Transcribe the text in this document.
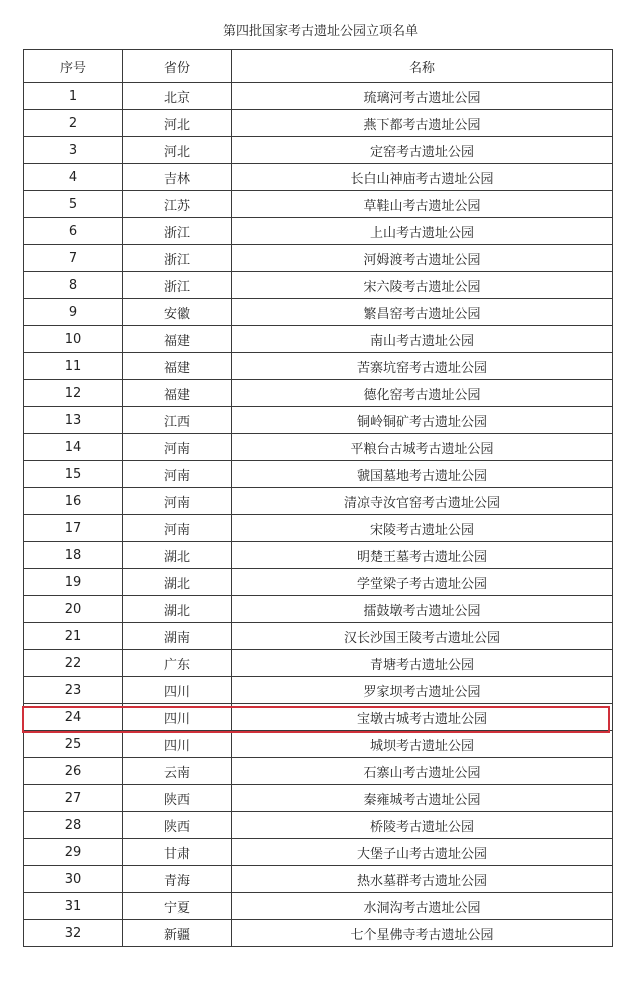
第四批国家考古遗址公园立项名单
序号	省份	名称
1	北京	琉璃河考古遗址公园
2	河北	燕下都考古遗址公园
3	河北	定窑考古遗址公园
4	吉林	长白山神庙考古遗址公园
5	江苏	草鞋山考古遗址公园
6	浙江	上山考古遗址公园
7	浙江	河姆渡考古遗址公园
8	浙江	宋六陵考古遗址公园
9	安徽	繁昌窑考古遗址公园
10	福建	南山考古遗址公园
11	福建	苦寨坑窑考古遗址公园
12	福建	德化窑考古遗址公园
13	江西	铜岭铜矿考古遗址公园
14	河南	平粮台古城考古遗址公园
15	河南	虢国墓地考古遗址公园
16	河南	清凉寺汝官窑考古遗址公园
17	河南	宋陵考古遗址公园
18	湖北	明楚王墓考古遗址公园
19	湖北	学堂梁子考古遗址公园
20	湖北	擂鼓墩考古遗址公园
21	湖南	汉长沙国王陵考古遗址公园
22	广东	青塘考古遗址公园
23	四川	罗家坝考古遗址公园
24	四川	宝墩古城考古遗址公园
25	四川	城坝考古遗址公园
26	云南	石寨山考古遗址公园
27	陕西	秦雍城考古遗址公园
28	陕西	桥陵考古遗址公园
29	甘肃	大堡子山考古遗址公园
30	青海	热水墓群考古遗址公园
31	宁夏	水洞沟考古遗址公园
32	新疆	七个星佛寺考古遗址公园
